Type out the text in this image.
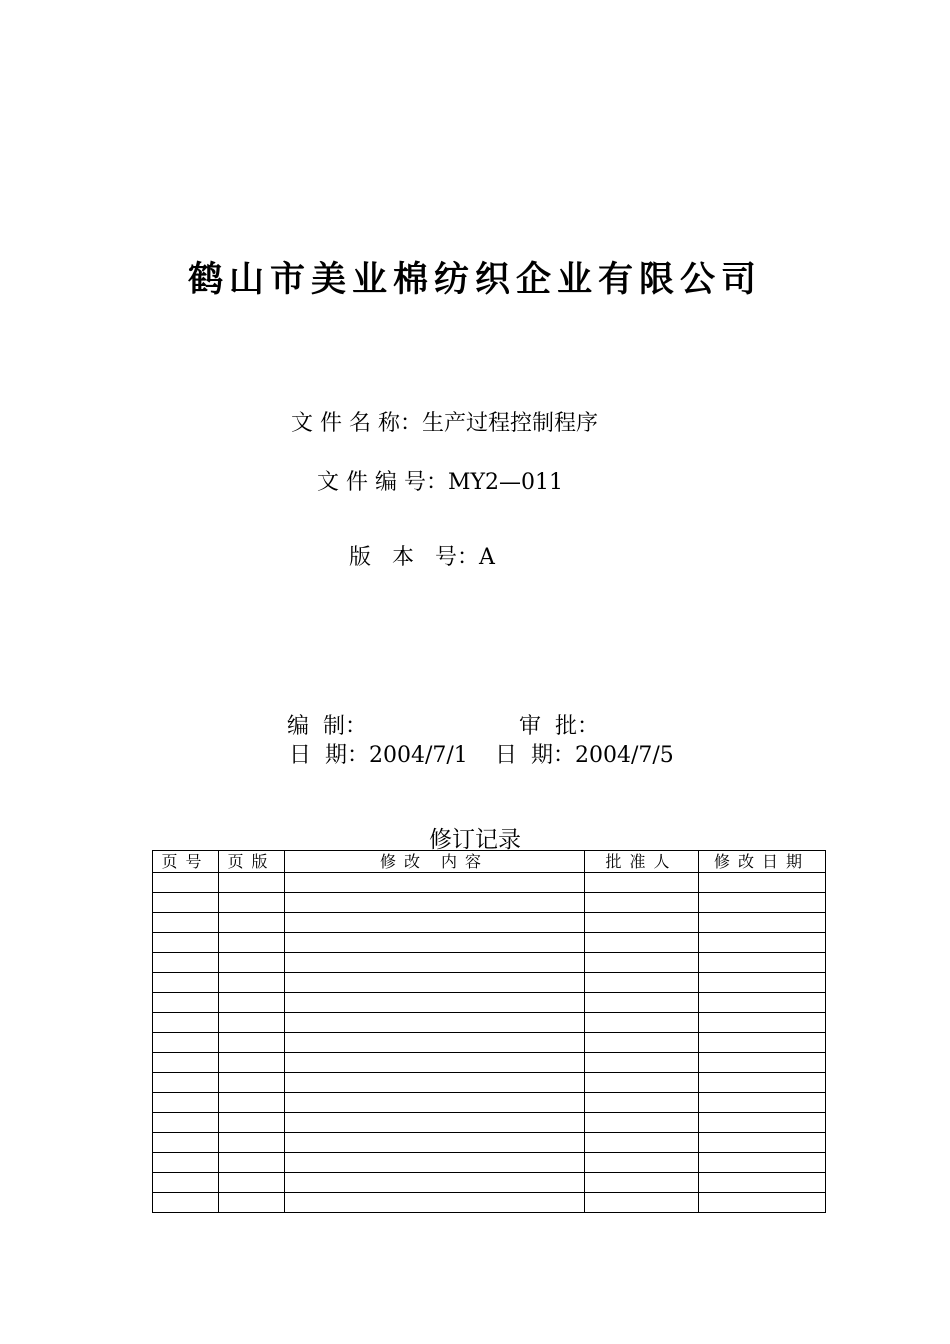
鹤山市美业棉纺织企业有限公司
文 件 名 称：生产过程控制程序
文 件 编 号：MY2—011

版   本   号：A

编  制：	审  批：

日  期：2004/7/1	日  期：2004/7/5

修订记录
页号	页版	修改 内容	批准人	修改日期
